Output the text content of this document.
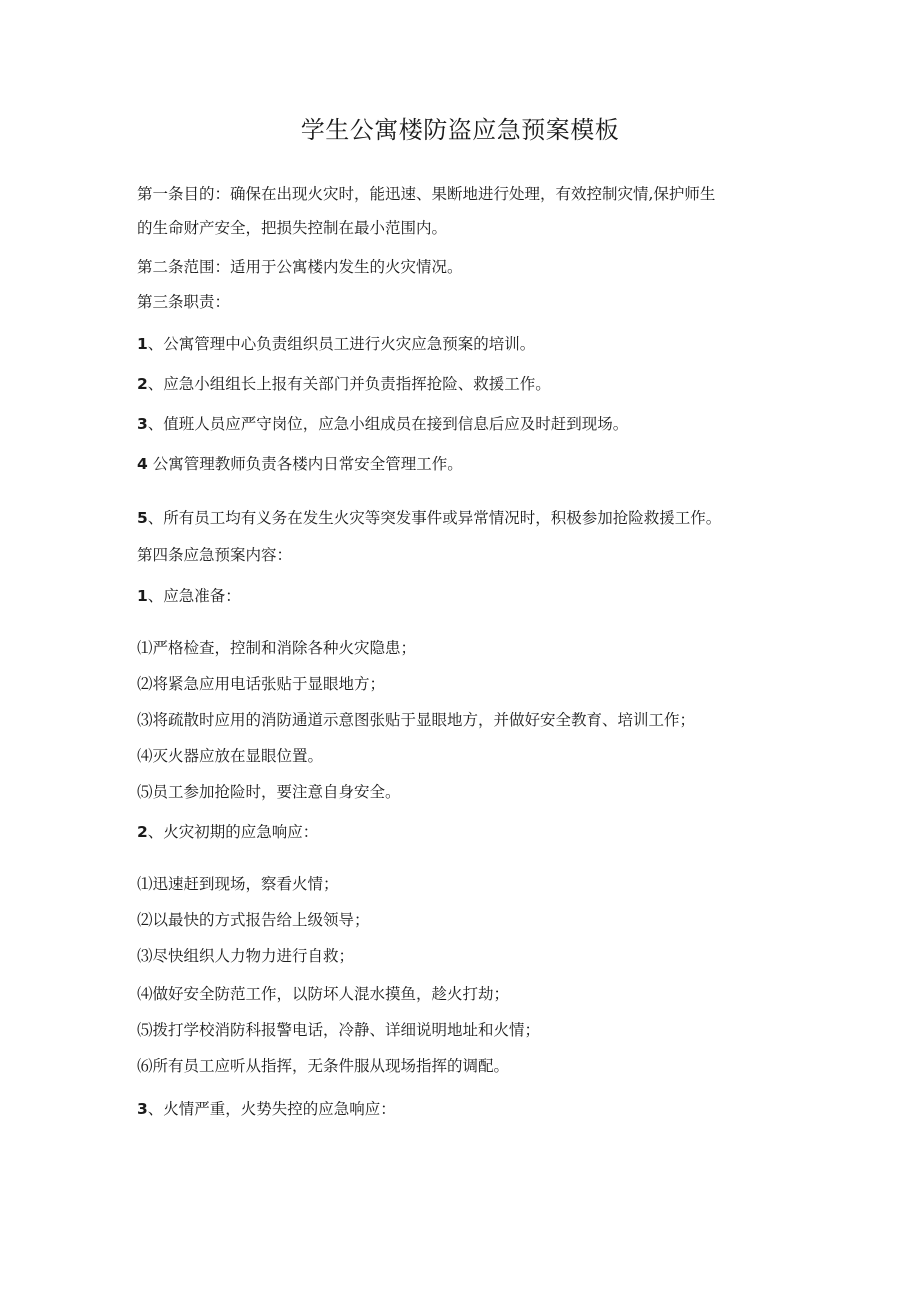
学生公寓楼防盗应急预案模板
第一条目的：确保在出现火灾时，能迅速、果断地进行处理，有效控制灾情,保护师生
的生命财产安全，把损失控制在最小范围内。
第二条范围：适用于公寓楼内发生的火灾情况。
第三条职责：
1、公寓管理中心负责组织员工进行火灾应急预案的培训。
2、应急小组组长上报有关部门并负责指挥抢险、救援工作。
3、值班人员应严守岗位，应急小组成员在接到信息后应及时赶到现场。
4 公寓管理教师负责各楼内日常安全管理工作。
5、所有员工均有义务在发生火灾等突发事件或异常情况时，积极参加抢险救援工作。
第四条应急预案内容：
1、应急准备：
⑴严格检查，控制和消除各种火灾隐患；
⑵将紧急应用电话张贴于显眼地方；
⑶将疏散时应用的消防通道示意图张贴于显眼地方，并做好安全教育、培训工作；
⑷灭火器应放在显眼位置。
⑸员工参加抢险时，要注意自身安全。
2、火灾初期的应急响应：
⑴迅速赶到现场，察看火情；
⑵以最快的方式报告给上级领导；
⑶尽快组织人力物力进行自救；
⑷做好安全防范工作，以防坏人混水摸鱼，趁火打劫；
⑸拨打学校消防科报警电话，冷静、详细说明地址和火情；
⑹所有员工应听从指挥，无条件服从现场指挥的调配。
3、火情严重，火势失控的应急响应：
